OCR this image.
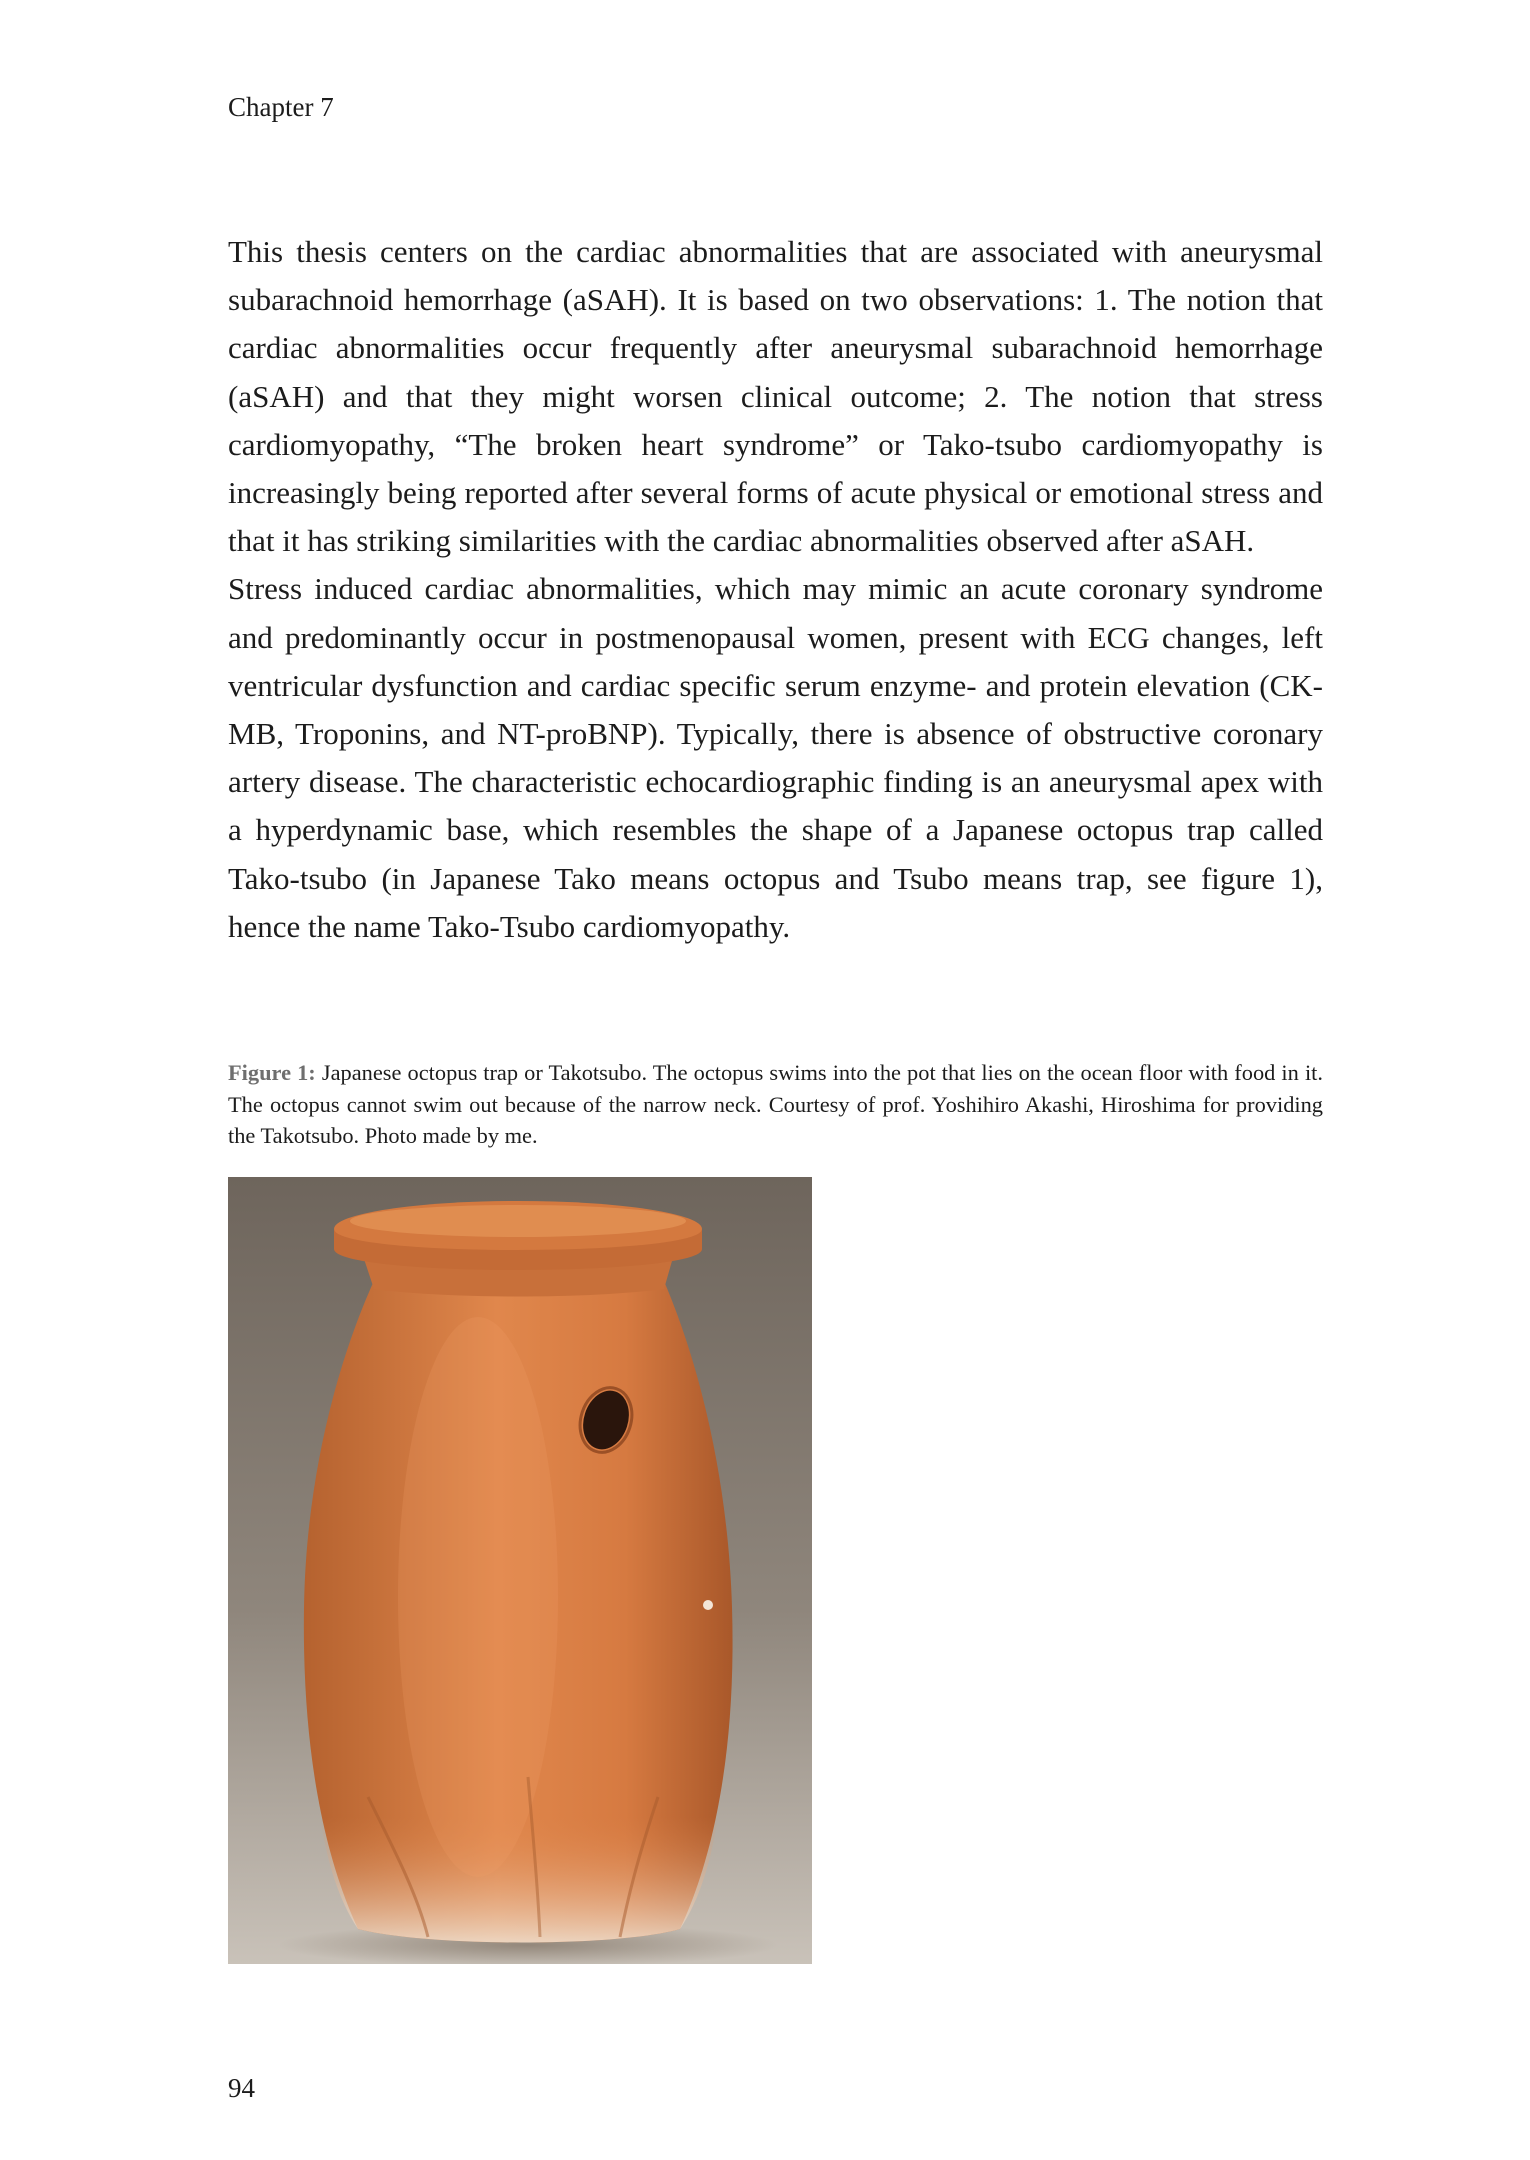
Chapter 7

This thesis centers on the cardiac abnormalities that are associated with aneurysmal subarachnoid hemorrhage (aSAH). It is based on two observations: 1. The notion that cardiac abnormalities occur frequently after aneurysmal subarachnoid hemorrhage (aSAH) and that they might worsen clinical outcome; 2. The notion that stress cardiomyopathy, “The broken heart syndrome” or Tako-tsubo cardiomyopathy is increasingly being reported after several forms of acute physical or emotional stress and that it has striking similarities with the cardiac abnormalities observed after aSAH.

Stress induced cardiac abnormalities, which may mimic an acute coronary syndrome and predominantly occur in postmenopausal women, present with ECG changes, left ventricular dysfunction and cardiac specific serum enzyme- and protein elevation (CK-MB, Troponins, and NT-proBNP). Typically, there is absence of obstructive coronary artery disease. The characteristic echocardiographic finding is an aneurysmal apex with a hyperdynamic base, which resembles the shape of a Japanese octopus trap called Tako-tsubo (in Japanese Tako means octopus and Tsubo means trap, see figure 1), hence the name Tako-Tsubo cardiomyopathy.

Figure 1: Japanese octopus trap or Takotsubo. The octopus swims into the pot that lies on the ocean floor with food in it. The octopus cannot swim out because of the narrow neck. Courtesy of prof. Yoshihiro Akashi, Hiroshima for providing the Takotsubo. Photo made by me.
94
